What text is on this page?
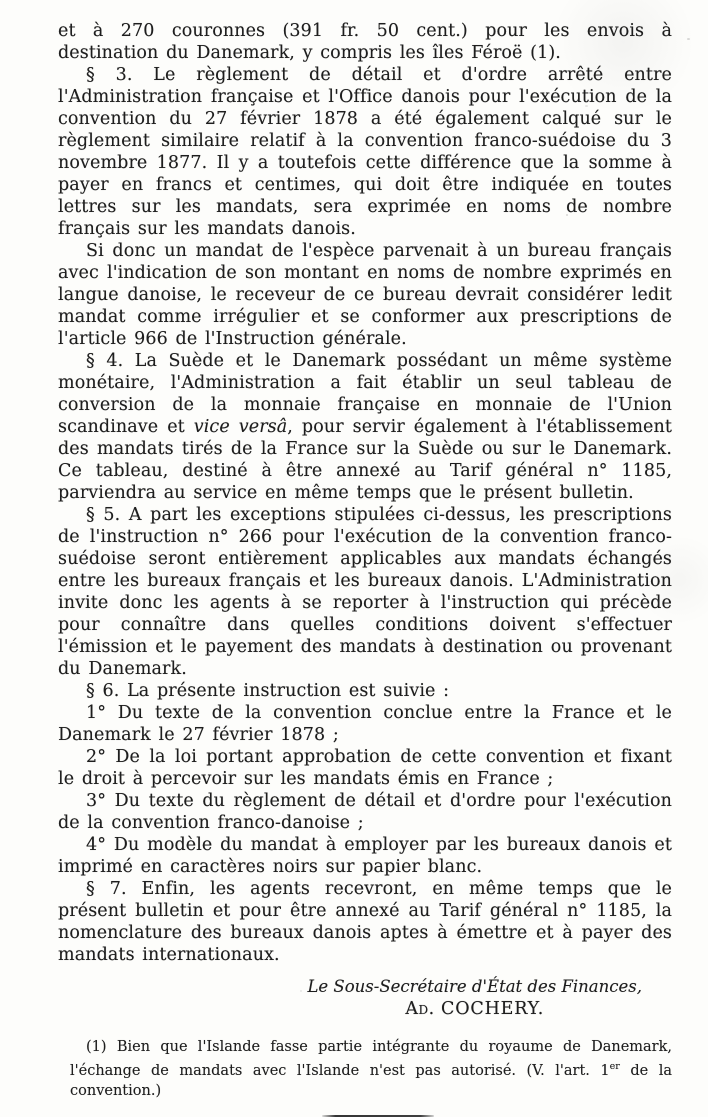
et à 270 couronnes (391 fr. 50 cent.) pour les envois à destination du Danemark, y compris les îles Féroë (1).

§ 3. Le règlement de détail et d'ordre arrêté entre l'Administration française et l'Office danois pour l'exécution de la convention du 27 février 1878 a été également calqué sur le règlement similaire relatif à la convention franco-suédoise du 3 novembre 1877. Il y a toutefois cette différence que la somme à payer en francs et centimes, qui doit être indiquée en toutes lettres sur les mandats, sera exprimée en noms de nombre français sur les mandats danois.

Si donc un mandat de l'espèce parvenait à un bureau français avec l'indication de son montant en noms de nombre exprimés en langue danoise, le receveur de ce bureau devrait considérer ledit mandat comme irrégulier et se conformer aux prescriptions de l'article 966 de l'Instruction générale.

§ 4. La Suède et le Danemark possédant un même système monétaire, l'Administration a fait établir un seul tableau de conversion de la monnaie française en monnaie de l'Union scandinave et vice versâ, pour servir également à l'établissement des mandats tirés de la France sur la Suède ou sur le Danemark. Ce tableau, destiné à être annexé au Tarif général n° 1185, parviendra au service en même temps que le présent bulletin.

§ 5. A part les exceptions stipulées ci-dessus, les prescriptions de l'instruction n° 266 pour l'exécution de la convention franco-suédoise seront entièrement applicables aux mandats échangés entre les bureaux français et les bureaux danois. L'Administration invite donc les agents à se reporter à l'instruction qui précède pour connaître dans quelles conditions doivent s'effectuer l'émission et le payement des mandats à destination ou provenant du Danemark.

§ 6. La présente instruction est suivie :

1° Du texte de la convention conclue entre la France et le Danemark le 27 février 1878 ;

2° De la loi portant approbation de cette convention et fixant le droit à percevoir sur les mandats émis en France ;

3° Du texte du règlement de détail et d'ordre pour l'exécution de la convention franco-danoise ;

4° Du modèle du mandat à employer par les bureaux danois et imprimé en caractères noirs sur papier blanc.

§ 7. Enfin, les agents recevront, en même temps que le présent bulletin et pour être annexé au Tarif général n° 1185, la nomenclature des bureaux danois aptes à émettre et à payer des mandats internationaux.

Le Sous-Secrétaire d'État des Finances,
Ad. COCHERY.
(1) Bien que l'Islande fasse partie intégrante du royaume de Danemark, l'échange de mandats avec l'Islande n'est pas autorisé. (V. l'art. 1er de la convention.)
